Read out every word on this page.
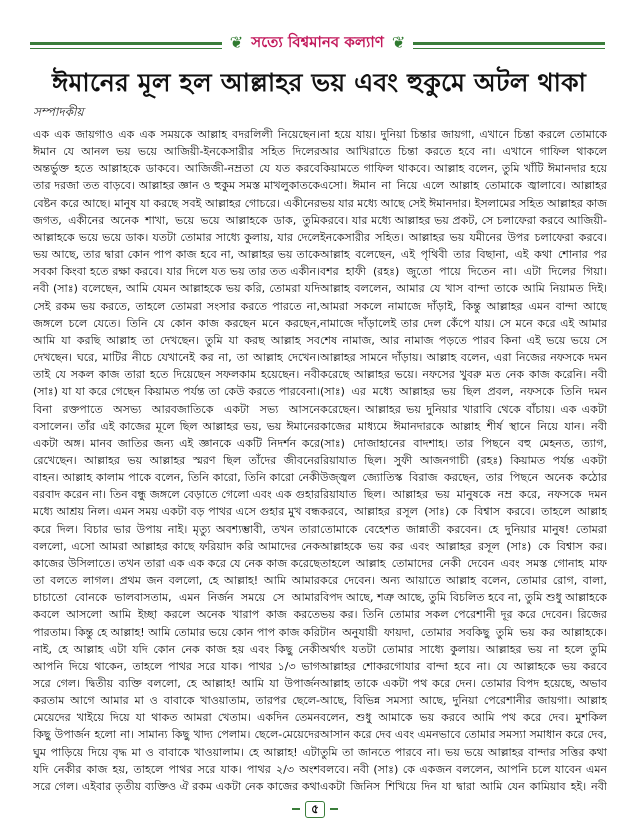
❦ সত্যে বিশ্বমানব কল্যাণ ❦
ঈমানের মূল হল আল্লাহর ভয় এবং হুকুমে অটল থাকা
সম্পাদকীয়

এক এক জায়গাও এক এক সময়কে আল্লাহ বদরলিলী নিয়েছেন। ঈমান যে আনল ভয় ভয়ে আজিয়ী-ইনকেসারীর সহিত দিলের অন্তর্ভুক্ত হতে আল্লাহকে ডাকবে। আজিজী-নম্রতা যে যত করবে তার দরজা তত বাড়বে। আল্লাহর জ্ঞান ও হুকুম সমস্ত মাখলুকাতকে বেষ্টন করে আছে। মানুষ যা করছে সবই আল্লাহর গোচরে। একীনের জগত, একীনের অনেক শাখা, ভয়ে ভয়ে আল্লাহকে ডাক, তুমি আল্লাহকে ভয়ে ভয়ে ডাক। যতটা তোমার সাধ্যে কুলায়, যার দেলে ভয় আছে, তার দ্বারা কোন পাপ কাজ হবে না, আল্লাহর ভয় তাকে সবকা কিংবা হতে রক্ষা করবে। যার দিলে যত ভয় তার তত একীন। নবী (সাঃ) বলেছেন, আমি যেমন আল্লাহকে ভয় করি, তোমরা যদি সেই রকম ভয় করতে, তাহলে তোমরা সংসার করতে পারতে না, জঙ্গলে চলে যেতে। তিনি যে কোন কাজ করছেন মনে করছেন, আমি যা করছি আল্লাহ তা দেখছেন। তুমি যা করছ আল্লাহ সব দেখছেন। ঘরে, মাটির নীচে যেখানেই কর না, তা আল্লাহ দেখেন। তাই যে সকল কাজ তারা হতে দিয়েছেন সফলকাম হয়েছেন। নবী (সাঃ) যা যা করে গেছেন কিয়ামত পর্যন্ত তা কেউ করতে পারবেনা। বিনা রক্তপাতে অসভ্য আরবজাতিকে একটা সভ্য আসনে বসালেন। তাঁর এই কাজের মূলে ছিল আল্লাহর ভয়, ভয় ঈমানের একটা অঙ্গ। মানব জাতির জন্য এই জ্ঞানকে একটি নিদর্শন করে রেখেছেন। আল্লাহর ভয় আল্লাহর স্মরণ ছিল তাঁদের জীবনের বাহন। আল্লাহ কালাম পাকে বলেন, তিনি কারো, তিনি কারো নেকী বরবাদ করেন না। তিন বন্ধু জঙ্গলে বেড়াতে গেলো এবং এক গুহার মধ্যে আশ্রয় নিল। এমন সময় একটা বড় পাথর এসে গুহার মুখ বন্ধ করে দিল। বিচার ভার উপায় নাই। মৃত্যু অবশ্যম্ভাবী, তখন তারা বললো, এসো আমরা আল্লাহর কাছে ফরিয়াদ করি আমাদের নেক কাজের উসিলাতে। তখন তারা এক এক করে যে নেক কাজ করেছে তা বলতে লাগল। প্রথম জন বললো, হে আল্লাহ! আমি আমার চাচাতো বোনকে ভালবাসতাম, এমন নির্জন সময়ে সে আমার কবলে আসলো আমি ইচ্ছা করলে অনেক খারাপ কাজ করতে পারতাম। কিন্তু হে আল্লাহ! আমি তোমার ভয়ে কোন পাপ কাজ করি নাই, হে আল্লাহ এটা যদি কোন নেক কাজ হয় এবং কিছু নেকী আপনি দিয়ে থাকেন, তাহলে পাথর সরে যাক। পাথর ১/৩ ভাগ সরে গেল। দ্বিতীয় ব্যক্তি বললো, হে আল্লাহ! আমি যা উপার্জন করতাম আগে আমার মা ও বাবাকে খাওয়াতাম, তারপর ছেলে-মেয়েদের খাইয়ে দিয়ে যা থাকত আমরা খেতাম। একদিন তেমন কিছু উপার্জন হলো না। সামান্য কিছু খাদ্য পেলাম। ছেলে-মেয়েদের ঘুম পাড়িয়ে দিয়ে বৃদ্ধ মা ও বাবাকে খাওয়ালাম। হে আল্লাহ! এটা যদি নেকীর কাজ হয়, তাহলে পাথর সরে যাক। পাথর ২/৩ অংশ সরে গেল। এইবার তৃতীয় ব্যক্তিও ঐ রকম একটা নেক কাজের কথা

না হয়ে যায়। দুনিয়া চিন্তার জায়গা, এখানে চিন্তা করলে তোমাকে আর আখিরাতে চিন্তা করতে হবে না। এখানে গাফিল থাকলে কিয়ামতে গাফিল থাকবে। আল্লাহ বলেন, তুমি খাঁটি ঈমানদার হয়ে এসো। ঈমান না নিয়ে এলে আল্লাহ তোমাকে জ্বালাবে। আল্লাহর ভয় যার মধ্যে আছে সেই ঈমানদার। ইসলামের সহিত আল্লাহর কাজ করবে। যার মধ্যে আল্লাহর ভয় প্রকট, সে চলাফেরা করবে আজিয়ী-ইনকেসারীর সহিত। আল্লাহর ভয় যমীনের উপর চলাফেরা করবে। আল্লাহ বলেছেন, এই পৃথিবী তার বিছানা, এই কথা শোনার পর বশর হাফী (রহঃ) জুতো পায়ে দিতেন না। এটা দিলের গিয়া। আল্লাহ বললেন, আমার যে খাস বান্দা তাকে আমি নিয়ামত দিই। আমরা সকলে নামাজে দাঁড়াই, কিন্তু আল্লাহর এমন বান্দা আছে নামাজে দাঁড়ালেই তার দেল কেঁপে যায়। সে মনে করে এই আমার শেষ নামাজ, আর নামাজ পড়তে পারব কিনা এই ভয়ে ভয়ে সে আল্লাহর সামনে দাঁড়ায়। আল্লাহ বলেন, এরা নিজের নফসকে দমন করেছে আল্লাহর ভয়ে। নফসের খুবরু মত নেক কাজ করেনি। নবী (সাঃ) এর মধ্যে আল্লাহর ভয় ছিল প্রবল, নফসকে তিনি দমন করেছেন। আল্লাহর ভয় দুনিয়ার খারাবি থেকে বাঁচায়। এক একটা কাজের মাধ্যমে ঈমানদারকে আল্লাহ শীর্ষ স্থানে নিয়ে যান। নবী (সাঃ) দোজাহানের বাদশাহ। তার পিছনে বহু মেহনত, ত্যাগ, রিয়াযাত ছিল। সুফী আজনগাচী (রহঃ) কিয়ামত পর্যন্ত একটা উজ্জ্বল জ্যোতিস্ক বিরাজ করছেন, তার পিছনে অনেক কঠোর রিয়াযাত ছিল। আল্লাহর ভয় মানুষকে নম্র করে, নফসকে দমন করবে, আল্লাহর রসূল (সাঃ) কে বিশ্বাস করবে। তাহলে আল্লাহ তোমাকে বেহেশত জান্নাতী করবেন। হে দুনিয়ার মানুষ! তোমরা আল্লাহকে ভয় কর এবং আল্লাহর রসূল (সাঃ) কে বিশ্বাস কর। তাহলে আল্লাহ তোমাদের নেকী দেবেন এবং সমস্ত গোনাহ মাফ করে দেবেন। অন্য আয়াতে আল্লাহ বলেন, তোমার রোগ, বালা, বিপদ আছে, শত্রু আছে, তুমি বিচলিত হবে না, তুমি শুধু আল্লাহকে ভয় কর। তিনি তোমার সকল পেরেশানী দূর করে দেবেন। রিজের টান অনুযায়ী ফায়দা, তোমার সবকিছু তুমি ভয় কর আল্লাহকে। অর্থাৎ যতটা তোমার সাধ্যে কুলায়। আল্লাহর ভয় না হলে তুমি আল্লাহর শোকরগোযার বান্দা হবে না। যে আল্লাহকে ভয় করবে আল্লাহ তাকে একটা পথ করে দেন। তোমার বিপদ হয়েছে, অভাব আছে, বিভিন্ন সমস্যা আছে, দুনিয়া পেরেশানীর জায়গা। আল্লাহ বলেন, শুধু আমাকে ভয় করবে আমি পথ করে দেব। মুশকিল আসান করে দেব এবং এমনভাবে তোমার সমস্যা সমাধান করে দেব, তুমি তা জানতে পারবে না। ভয় ভয়ে আল্লাহর বান্দার সত্তির কথা বলবে। নবী (সাঃ) কে একজন বললেন, আপনি চলে যাবেন এমন একটা জিনিস শিখিয়ে দিন যা দ্বারা আমি যেন কামিয়াব হই। নবী

৫
